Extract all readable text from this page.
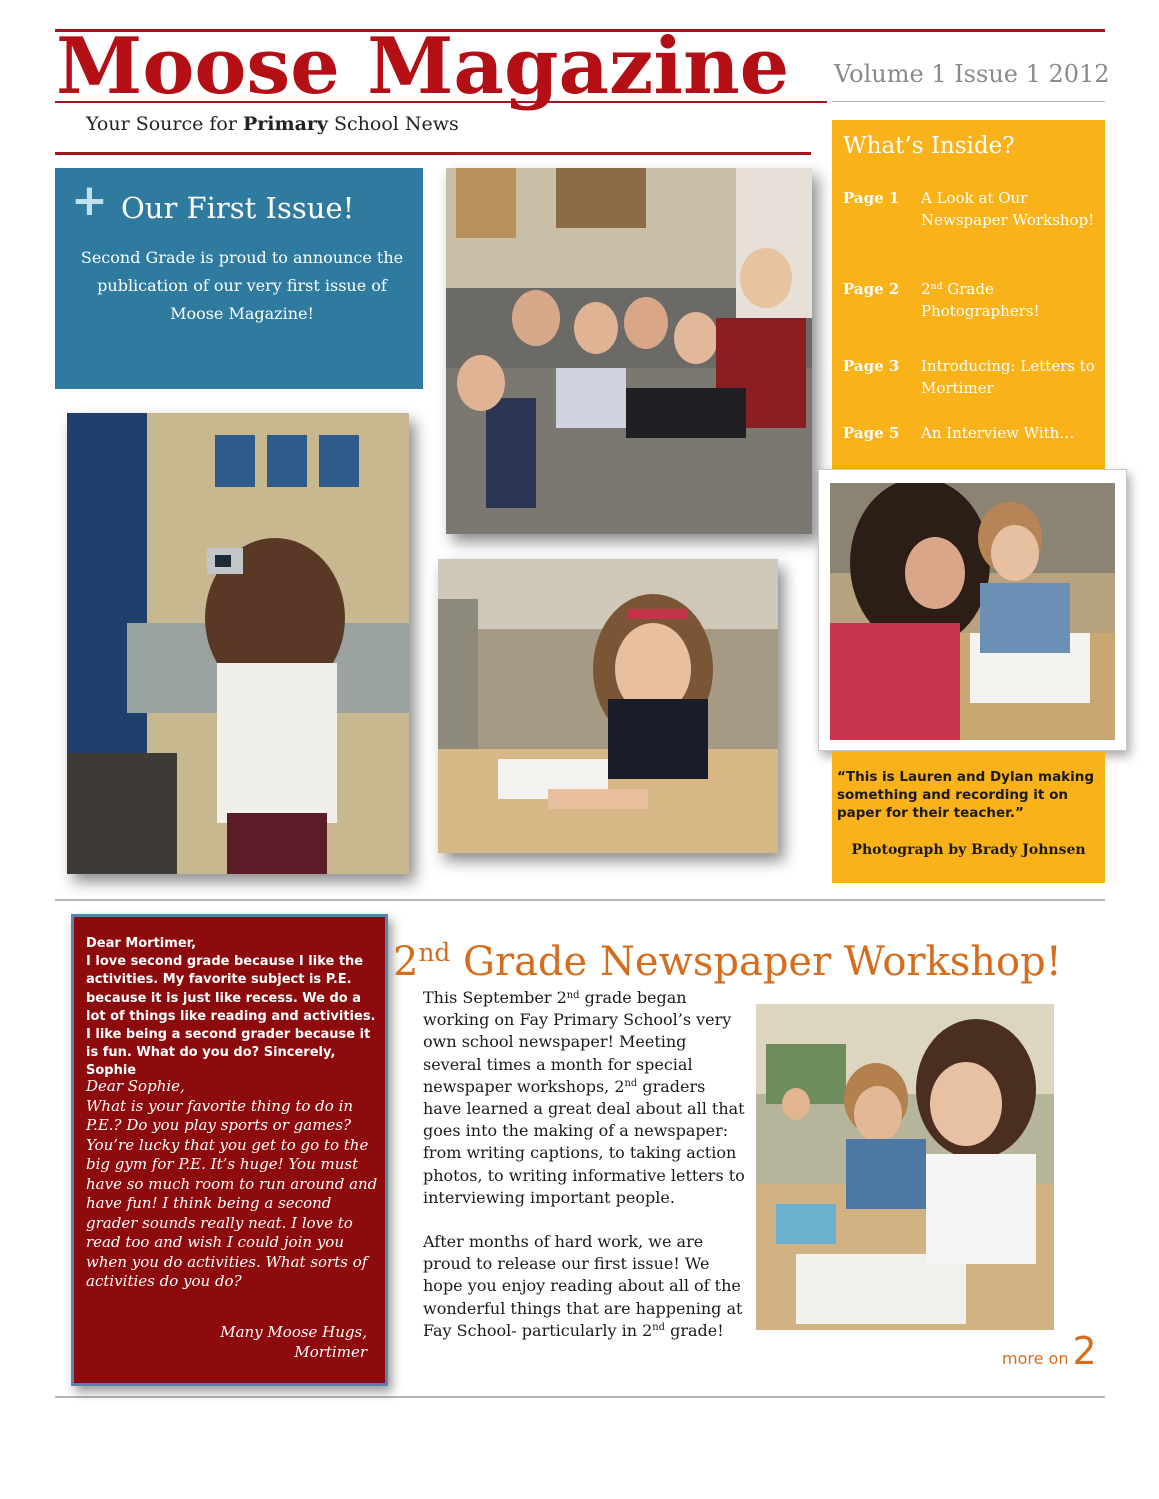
Moose Magazine Volume 1 Issue 1 2012
Your Source for Primary School News
+ Our First Issue!
Second Grade is proud to announce the publication of our very first issue of Moose Magazine!
What’s Inside?
Page 1 A Look at Our Newspaper Workshop!
Page 2 2nd Grade Photographers!
Page 3 Introducing: Letters to Mortimer
Page 5 An Interview With…
“This is Lauren and Dylan making something and recording it on paper for their teacher.”
Photograph by Brady Johnsen
Dear Mortimer,
I love second grade because I like the activities. My favorite subject is P.E. because it is just like recess. We do a lot of things like reading and activities. I like being a second grader because it is fun. What do you do? Sincerely,
Sophie
Dear Sophie,
What is your favorite thing to do in P.E.? Do you play sports or games? You’re lucky that you get to go to the big gym for P.E. It’s huge! You must have so much room to run around and have fun! I think being a second grader sounds really neat. I love to read too and wish I could join you when you do activities. What sorts of activities do you do?
Many Moose Hugs,
Mortimer
2nd Grade Newspaper Workshop!

This September 2nd grade began working on Fay Primary School’s very own school newspaper! Meeting several times a month for special newspaper workshops, 2nd graders have learned a great deal about all that goes into the making of a newspaper: from writing captions, to taking action photos, to writing informative letters to interviewing important people.

After months of hard work, we are proud to release our first issue! We hope you enjoy reading about all of the wonderful things that are happening at Fay School- particularly in 2nd grade!

more on 2
